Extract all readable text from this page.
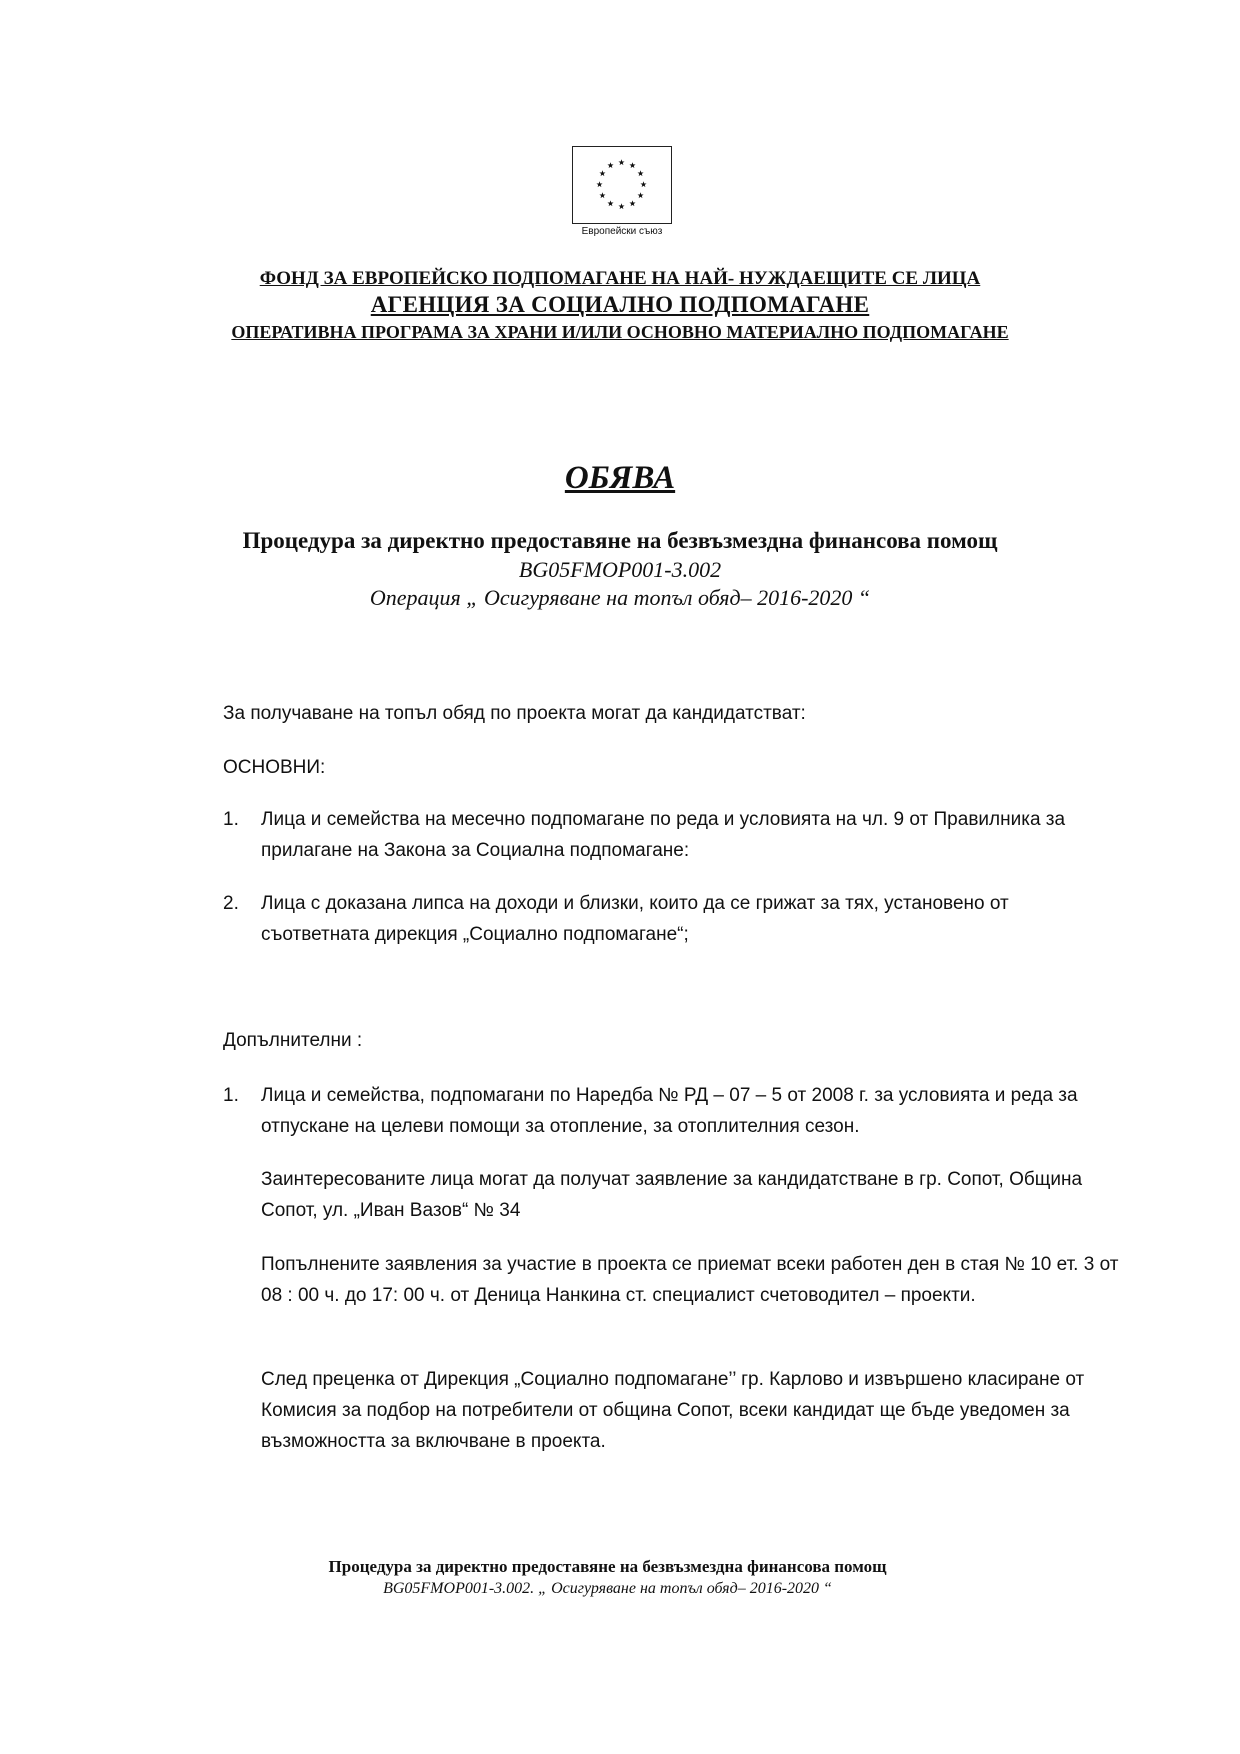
Европейски съюз
ФОНД ЗА ЕВРОПЕЙСКО ПОДПОМАГАНЕ НА НАЙ- НУЖДАЕЩИТЕ СЕ ЛИЦА
АГЕНЦИЯ ЗА СОЦИАЛНО ПОДПОМАГАНЕ
ОПЕРАТИВНА ПРОГРАМА ЗА ХРАНИ И/ИЛИ ОСНОВНО МАТЕРИАЛНО ПОДПОМАГАНЕ
ОБЯВА
Процедура за директно предоставяне на безвъзмездна финансова помощ
BG05FMOP001-3.002
Операция „ Осигуряване на топъл обяд– 2016-2020 “

За получаване на топъл обяд по проекта могат да кандидатстват:

ОСНОВНИ:

1. Лица и семейства на месечно подпомагане по реда и условията на чл. 9 от Правилника за прилагане на Закона за Социална подпомагане:

2. Лица с доказана липса на доходи и близки, които да се грижат за тях, установено от съответната дирекция „Социално подпомагане“;

Допълнителни :

1. Лица и семейства, подпомагани по Наредба № РД – 07 – 5 от 2008 г. за условията и реда за отпускане на целеви помощи за отопление, за отоплителния сезон.

Заинтересованите лица могат да получат заявление за кандидатстване в гр. Сопот, Община Сопот, ул. „Иван Вазов“ № 34

Попълнените заявления за участие в проекта се приемат всеки работен ден в стая № 10 ет. 3 от 08 : 00 ч. до 17: 00 ч. от Деница Нанкина ст. специалист счетоводител – проекти.

След преценка от Дирекция „Социално подпомагане’’ гр. Карлово и извършено класиране от Комисия за подбор на потребители от община Сопот, всеки кандидат ще бъде уведомен за възможността за включване в проекта.

Процедура за директно предоставяне на безвъзмездна финансова помощ
BG05FMOP001-3.002. „ Осигуряване на топъл обяд– 2016-2020 “
